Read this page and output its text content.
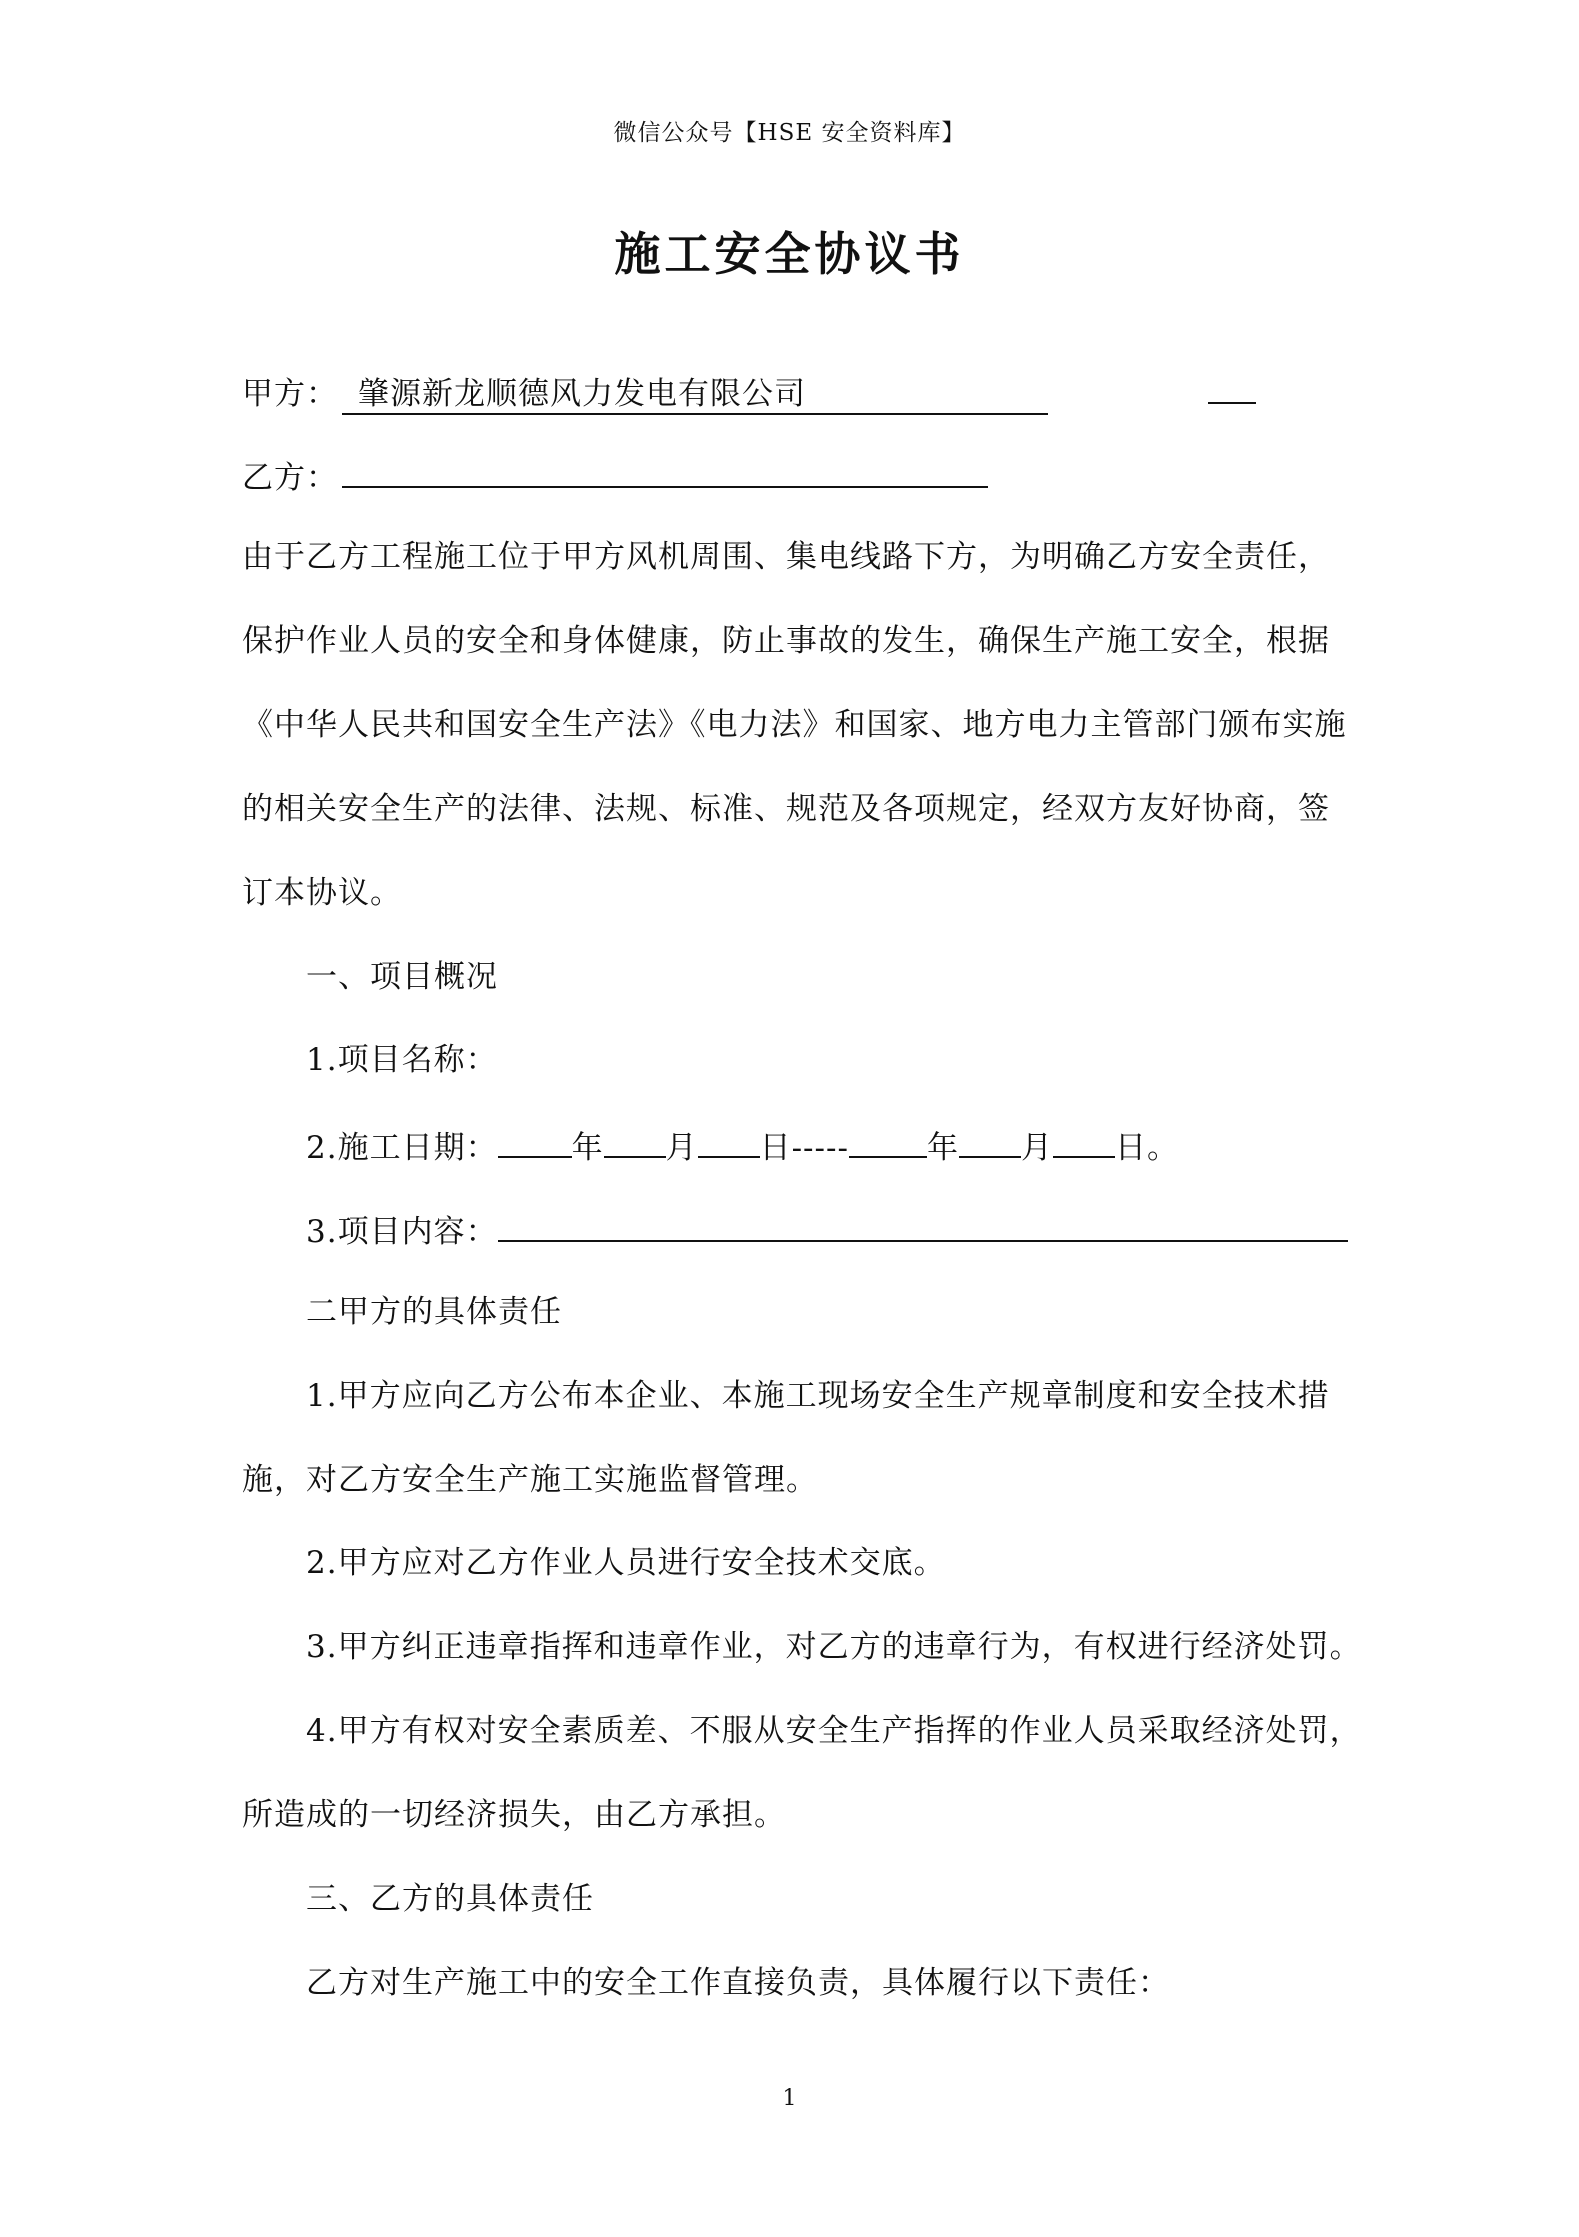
微信公众号【HSE 安全资料库】
施工安全协议书
甲方： 肇源新龙顺德风力发电有限公司
乙方：
由于乙方工程施工位于甲方风机周围、集电线路下方，为明确乙方安全责任，
保护作业人员的安全和身体健康，防止事故的发生，确保生产施工安全，根据
《中华人民共和国安全生产法》《电力法》和国家、地方电力主管部门颁布实施
的相关安全生产的法律、法规、标准、规范及各项规定，经双方友好协商，签
订本协议。
一、项目概况
1.项目名称：
2.施工日期： 年 月 日-----	年 月 日。
3.项目内容：
二甲方的具体责任
1.甲方应向乙方公布本企业、本施工现场安全生产规章制度和安全技术措
施，对乙方安全生产施工实施监督管理。
2.甲方应对乙方作业人员进行安全技术交底。
3.甲方纠正违章指挥和违章作业，对乙方的违章行为，有权进行经济处罚。
4.甲方有权对安全素质差、不服从安全生产指挥的作业人员采取经济处罚，
所造成的一切经济损失，由乙方承担。
三、乙方的具体责任
乙方对生产施工中的安全工作直接负责，具体履行以下责任：
1
